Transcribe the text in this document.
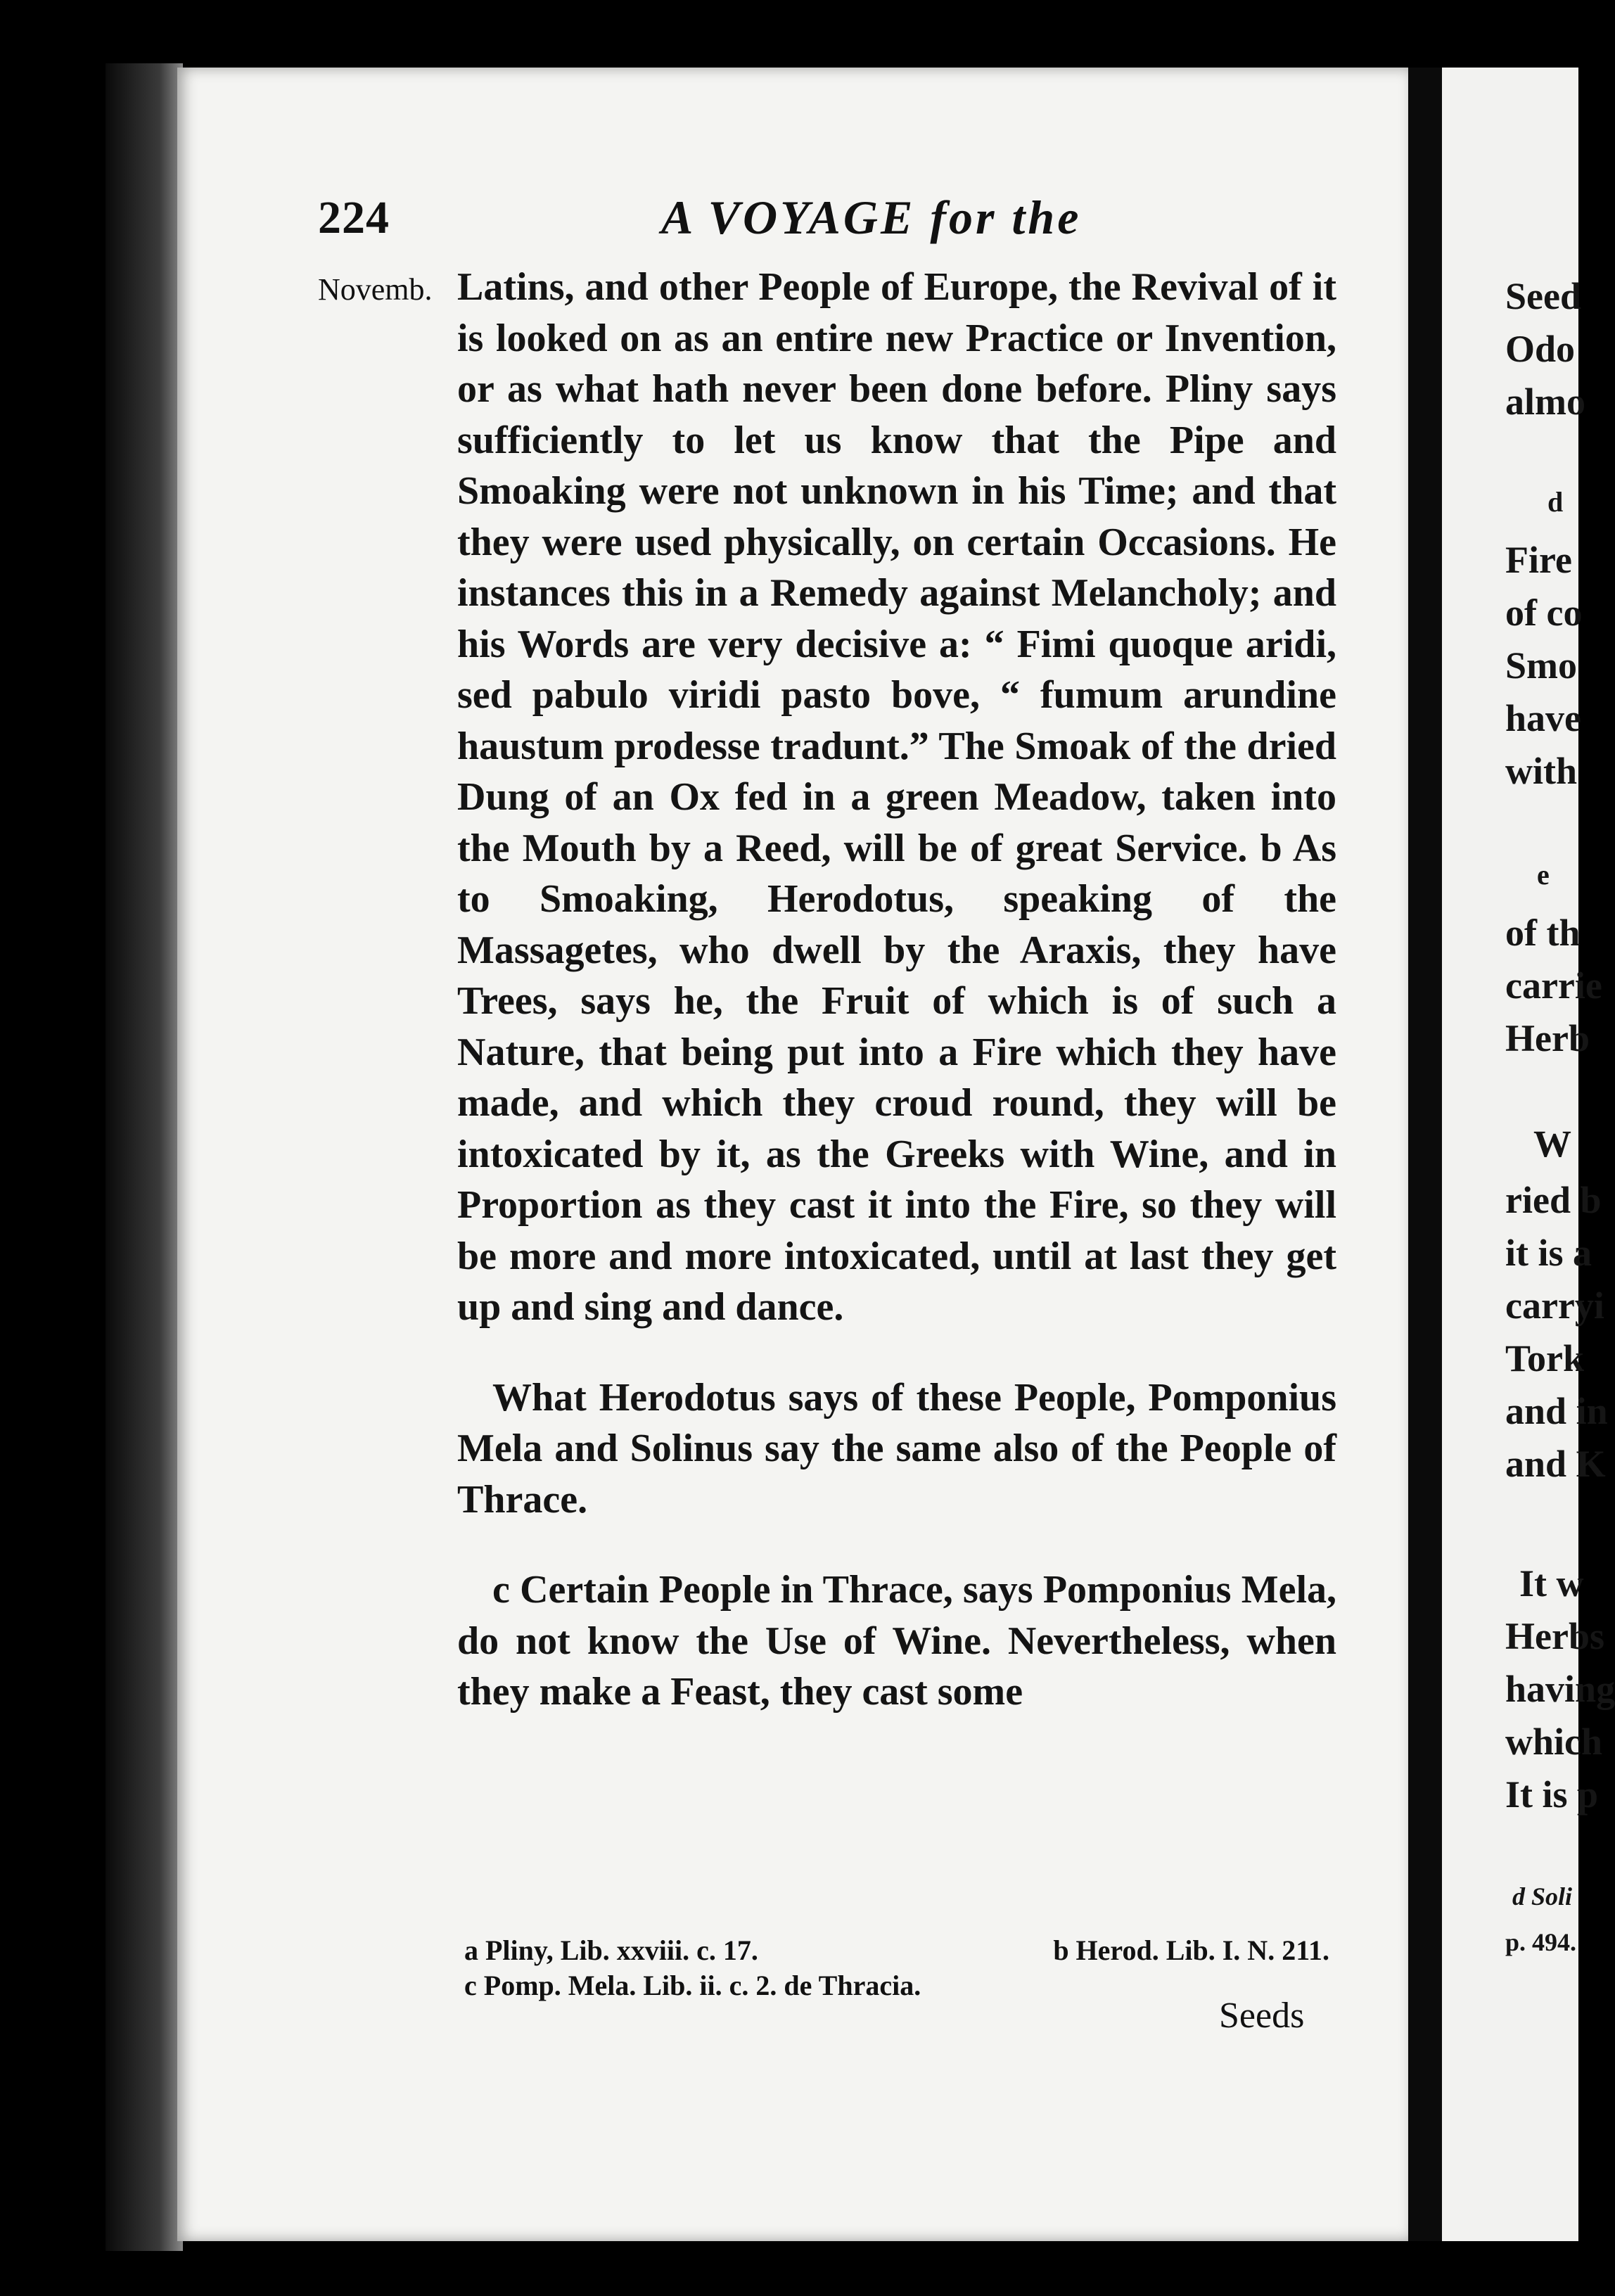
224	A VOYAGE for the
Novemb. Latins, and other People of Europe, the Revival of it is looked on as an entire new Practice or Invention, or as what hath never been done before. Pliny says sufficiently to let us know that the Pipe and Smoaking were not unknown in his Time; and that they were used physically, on certain Occasions. He instances this in a Remedy against Melancholy; and his Words are very decisive a: “ Fimi quoque aridi, sed pabulo viridi pasto bove, “ fumum arundine haustum prodesse tradunt.” The Smoak of the dried Dung of an Ox fed in a green Meadow, taken into the Mouth by a Reed, will be of great Service. b As to Smoaking, Herodotus, speaking of the Massagetes, who dwell by the Araxis, they have Trees, says he, the Fruit of which is of such a Nature, that being put into a Fire which they have made, and which they croud round, they will be intoxicated by it, as the Greeks with Wine, and in Proportion as they cast it into the Fire, so they will be more and more intoxicated, until at last they get up and sing and dance.

What Herodotus says of these People, Pomponius Mela and Solinus say the same also of the People of Thrace.

c Certain People in Thrace, says Pomponius Mela, do not know the Use of Wine. Nevertheless, when they make a Feast, they cast some

a Pliny, Lib. xxviii. c. 17.	b Herod. Lib. I. N. 211.
c Pomp. Mela. Lib. ii. c. 2. de Thracia.
Seeds
Seed
Odo
almo
d
Fire
of co
Smo
have
with
e
of th
carrie
Herb
W
ried b
it is a
carryi
Tork
and in
and K
It w
Herbs
having
which
It is p
d Soli
p. 494.
